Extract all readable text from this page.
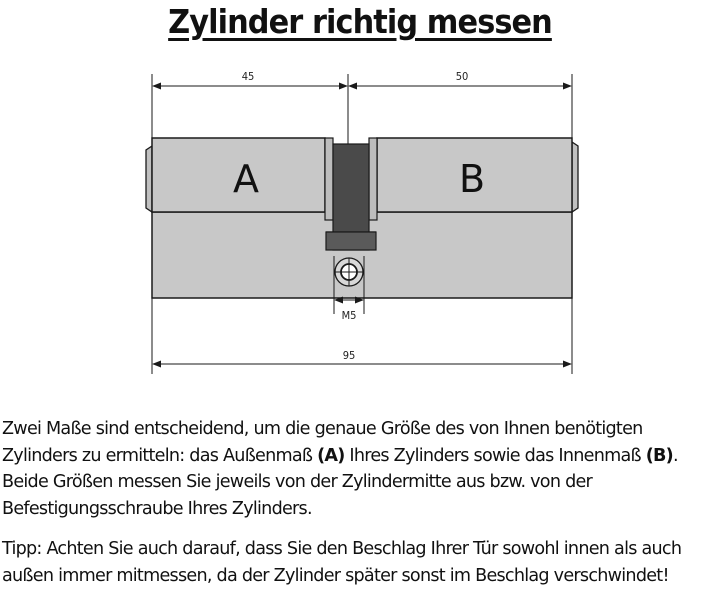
Zylinder richtig messen
45	50
A	B
M5
95

Zwei Maße sind entscheidend, um die genaue Größe des von Ihnen benötigten Zylinders zu ermitteln: das Außenmaß (A) Ihres Zylinders sowie das Innenmaß (B). Beide Größen messen Sie jeweils von der Zylindermitte aus bzw. von der Befestigungsschraube Ihres Zylinders.

Tipp: Achten Sie auch darauf, dass Sie den Beschlag Ihrer Tür sowohl innen als auch außen immer mitmessen, da der Zylinder später sonst im Beschlag verschwindet!
